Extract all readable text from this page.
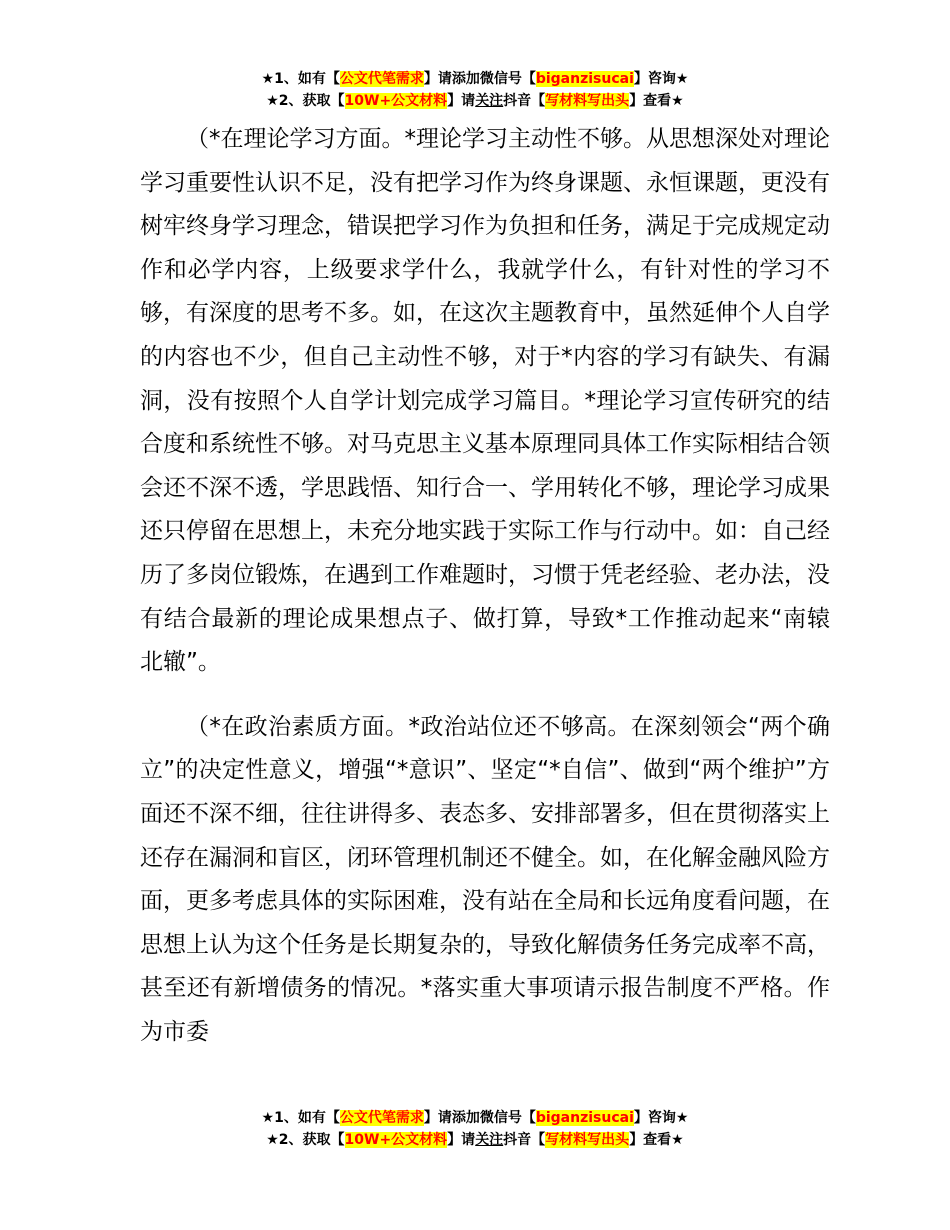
★1、如有【公文代笔需求】请添加微信号【biganzisucai】咨询★
★2、获取【10W+公文材料】请关注抖音【写材料写出头】查看★

（*在理论学习方面。*理论学习主动性不够。从思想深处对理论学习重要性认识不足，没有把学习作为终身课题、永恒课题，更没有树牢终身学习理念，错误把学习作为负担和任务，满足于完成规定动作和必学内容，上级要求学什么，我就学什么，有针对性的学习不够，有深度的思考不多。如，在这次主题教育中，虽然延伸个人自学的内容也不少，但自己主动性不够，对于*内容的学习有缺失、有漏洞，没有按照个人自学计划完成学习篇目。*理论学习宣传研究的结合度和系统性不够。对马克思主义基本原理同具体工作实际相结合领会还不深不透，学思践悟、知行合一、学用转化不够，理论学习成果还只停留在思想上，未充分地实践于实际工作与行动中。如：自己经历了多岗位锻炼，在遇到工作难题时，习惯于凭老经验、老办法，没有结合最新的理论成果想点子、做打算，导致*工作推动起来“南辕北辙”。

（*在政治素质方面。*政治站位还不够高。在深刻领会“两个确立”的决定性意义，增强“*意识”、坚定“*自信”、做到“两个维护”方面还不深不细，往往讲得多、表态多、安排部署多，但在贯彻落实上还存在漏洞和盲区，闭环管理机制还不健全。如，在化解金融风险方面，更多考虑具体的实际困难，没有站在全局和长远角度看问题，在思想上认为这个任务是长期复杂的，导致化解债务任务完成率不高，甚至还有新增债务的情况。*落实重大事项请示报告制度不严格。作为市委

★1、如有【公文代笔需求】请添加微信号【biganzisucai】咨询★
★2、获取【10W+公文材料】请关注抖音【写材料写出头】查看★
